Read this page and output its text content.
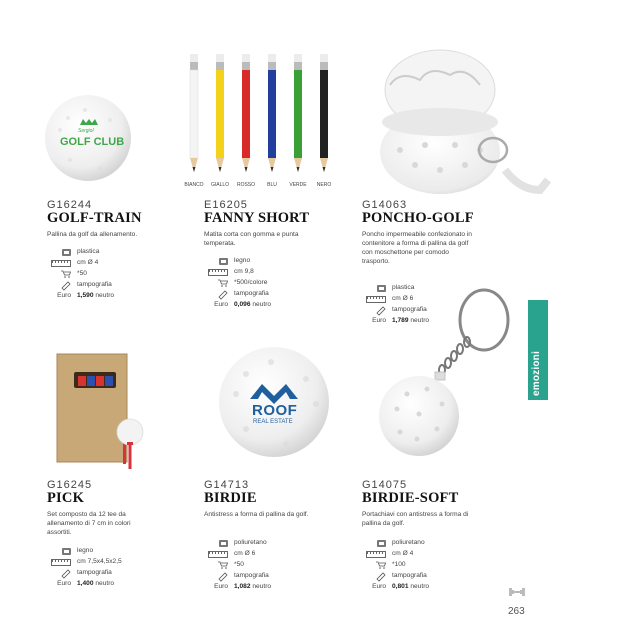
Sergiol
GOLF CLUB
BIANCO	GIALLO	ROSSO	BLU	VERDE	NERO
G16244
GOLF-TRAIN
Pallina da golf da allenamento.
plastica
cm Ø 4
*50
tampografia
Euro 1,590 neutro
E16205
FANNY SHORT
Matita corta con gomma e punta temperata.
legno
cm 9,8
*500/colore
tampografia
Euro 0,096 neutro
G14063
PONCHO-GOLF
Poncho impermeabile confezionato in contenitore a forma di pallina da golf con moschettone per comodo trasporto.
plastica
cm Ø 6
tampografia
Euro 1,789 neutro
ROOF
REAL ESTATE
G16245
PICK
Set composto da 12 tee da allenamento di 7 cm in colori assortiti.
legno
cm 7,5x4,5x2,5
tampografia
Euro 1,400 neutro
G14713
BIRDIE
Antistress a forma di pallina da golf.
poliuretano
cm Ø 6
*50
tampografia
Euro 1,082 neutro
G14075
BIRDIE-SOFT
Portachiavi con antistress a forma di pallina da golf.
poliuretano
cm Ø 4
*100
tampografia
Euro 0,801 neutro
promo
emozioni
263
